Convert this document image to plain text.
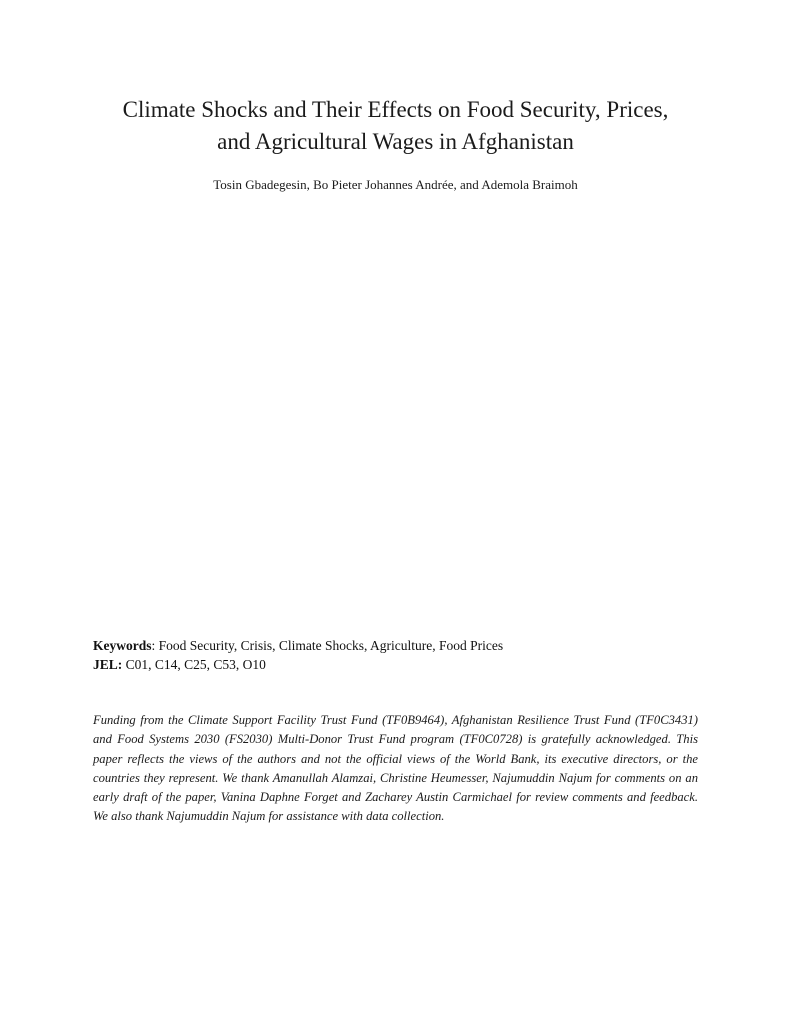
Climate Shocks and Their Effects on Food Security, Prices,
and Agricultural Wages in Afghanistan
Tosin Gbadegesin, Bo Pieter Johannes Andrée, and Ademola Braimoh
Keywords: Food Security, Crisis, Climate Shocks, Agriculture, Food Prices
JEL: C01, C14, C25, C53, O10
Funding from the Climate Support Facility Trust Fund (TF0B9464), Afghanistan Resilience Trust Fund (TF0C3431) and Food Systems 2030 (FS2030) Multi-Donor Trust Fund program (TF0C0728) is gratefully acknowledged. This paper reflects the views of the authors and not the official views of the World Bank, its executive directors, or the countries they represent. We thank Amanullah Alamzai, Christine Heumesser, Najumuddin Najum for comments on an early draft of the paper, Vanina Daphne Forget and Zacharey Austin Carmichael for review comments and feedback. We also thank Najumuddin Najum for assistance with data collection.
